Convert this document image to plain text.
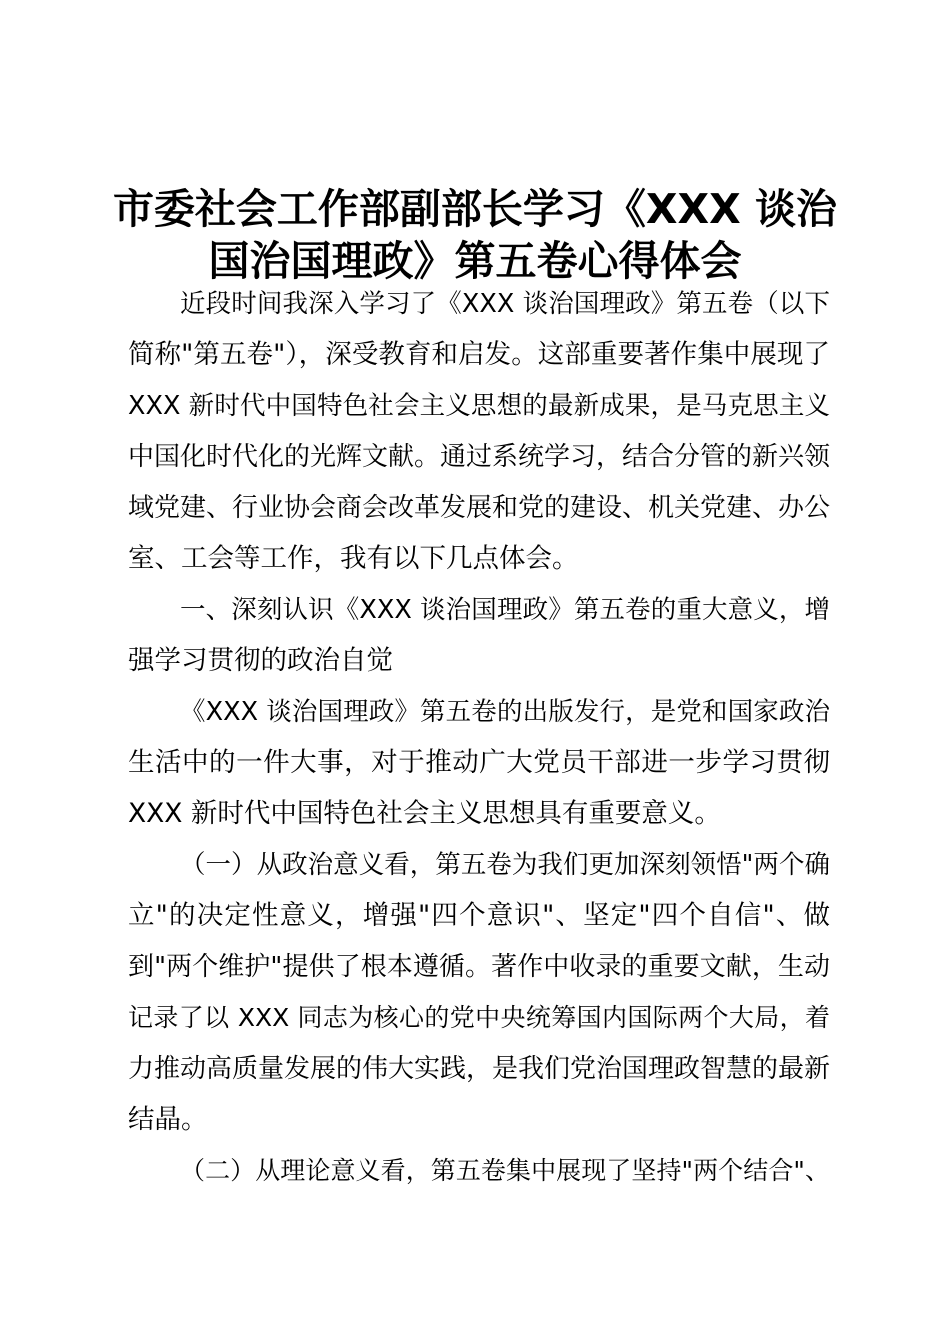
市委社会工作部副部长学习《XXX 谈治
国治国理政》第五卷心得体会

近段时间我深入学习了《XXX 谈治国理政》第五卷（以下

简称"第五卷"），深受教育和启发。这部重要著作集中展现了

XXX 新时代中国特色社会主义思想的最新成果，是马克思主义

中国化时代化的光辉文献。通过系统学习，结合分管的新兴领

域党建、行业协会商会改革发展和党的建设、机关党建、办公

室、工会等工作，我有以下几点体会。

一、深刻认识《XXX 谈治国理政》第五卷的重大意义，增

强学习贯彻的政治自觉

《XXX 谈治国理政》第五卷的出版发行，是党和国家政治

生活中的一件大事，对于推动广大党员干部进一步学习贯彻

XXX 新时代中国特色社会主义思想具有重要意义。

（一）从政治意义看，第五卷为我们更加深刻领悟"两个确

立"的决定性意义，增强"四个意识"、坚定"四个自信"、做

到"两个维护"提供了根本遵循。著作中收录的重要文献，生动

记录了以 XXX 同志为核心的党中央统筹国内国际两个大局，着

力推动高质量发展的伟大实践，是我们党治国理政智慧的最新

结晶。

（二）从理论意义看，第五卷集中展现了坚持"两个结合"、
